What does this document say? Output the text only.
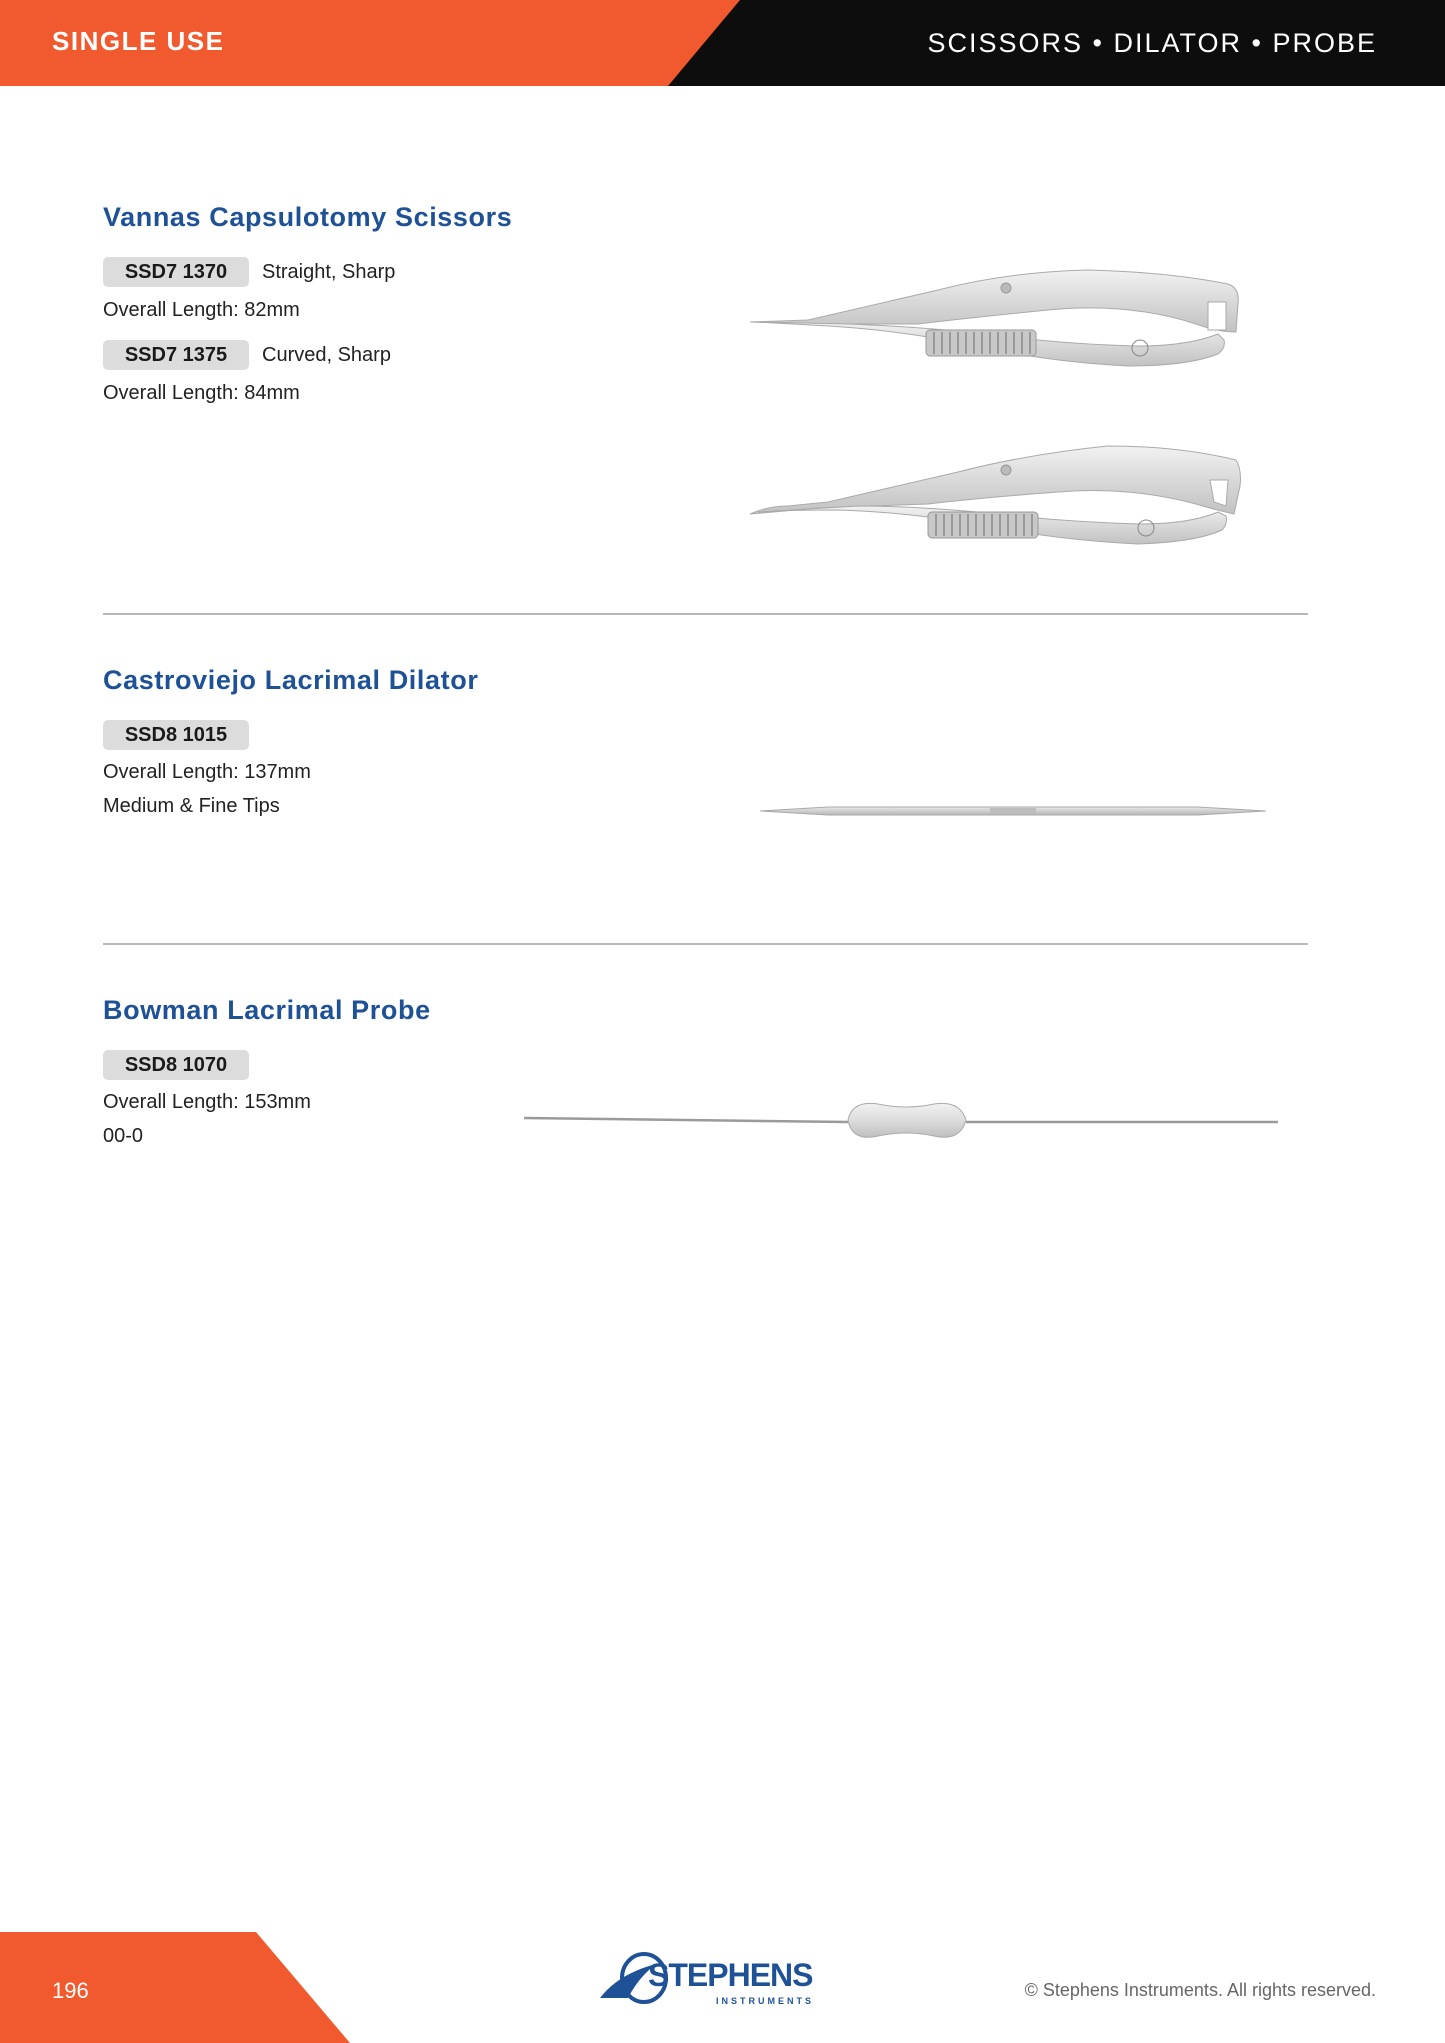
SINGLE USE	SCISSORS • DILATOR • PROBE
Vannas Capsulotomy Scissors
SSD7 1370	Straight, Sharp
Overall Length: 82mm
SSD7 1375	Curved, Sharp
Overall Length: 84mm
Castroviejo Lacrimal Dilator
SSD8 1015
Overall Length: 137mm
Medium & Fine Tips
Bowman Lacrimal Probe
SSD8 1070
Overall Length: 153mm
00-0
196	STEPHENS
INSTRUMENTS
© Stephens Instruments. All rights reserved.
